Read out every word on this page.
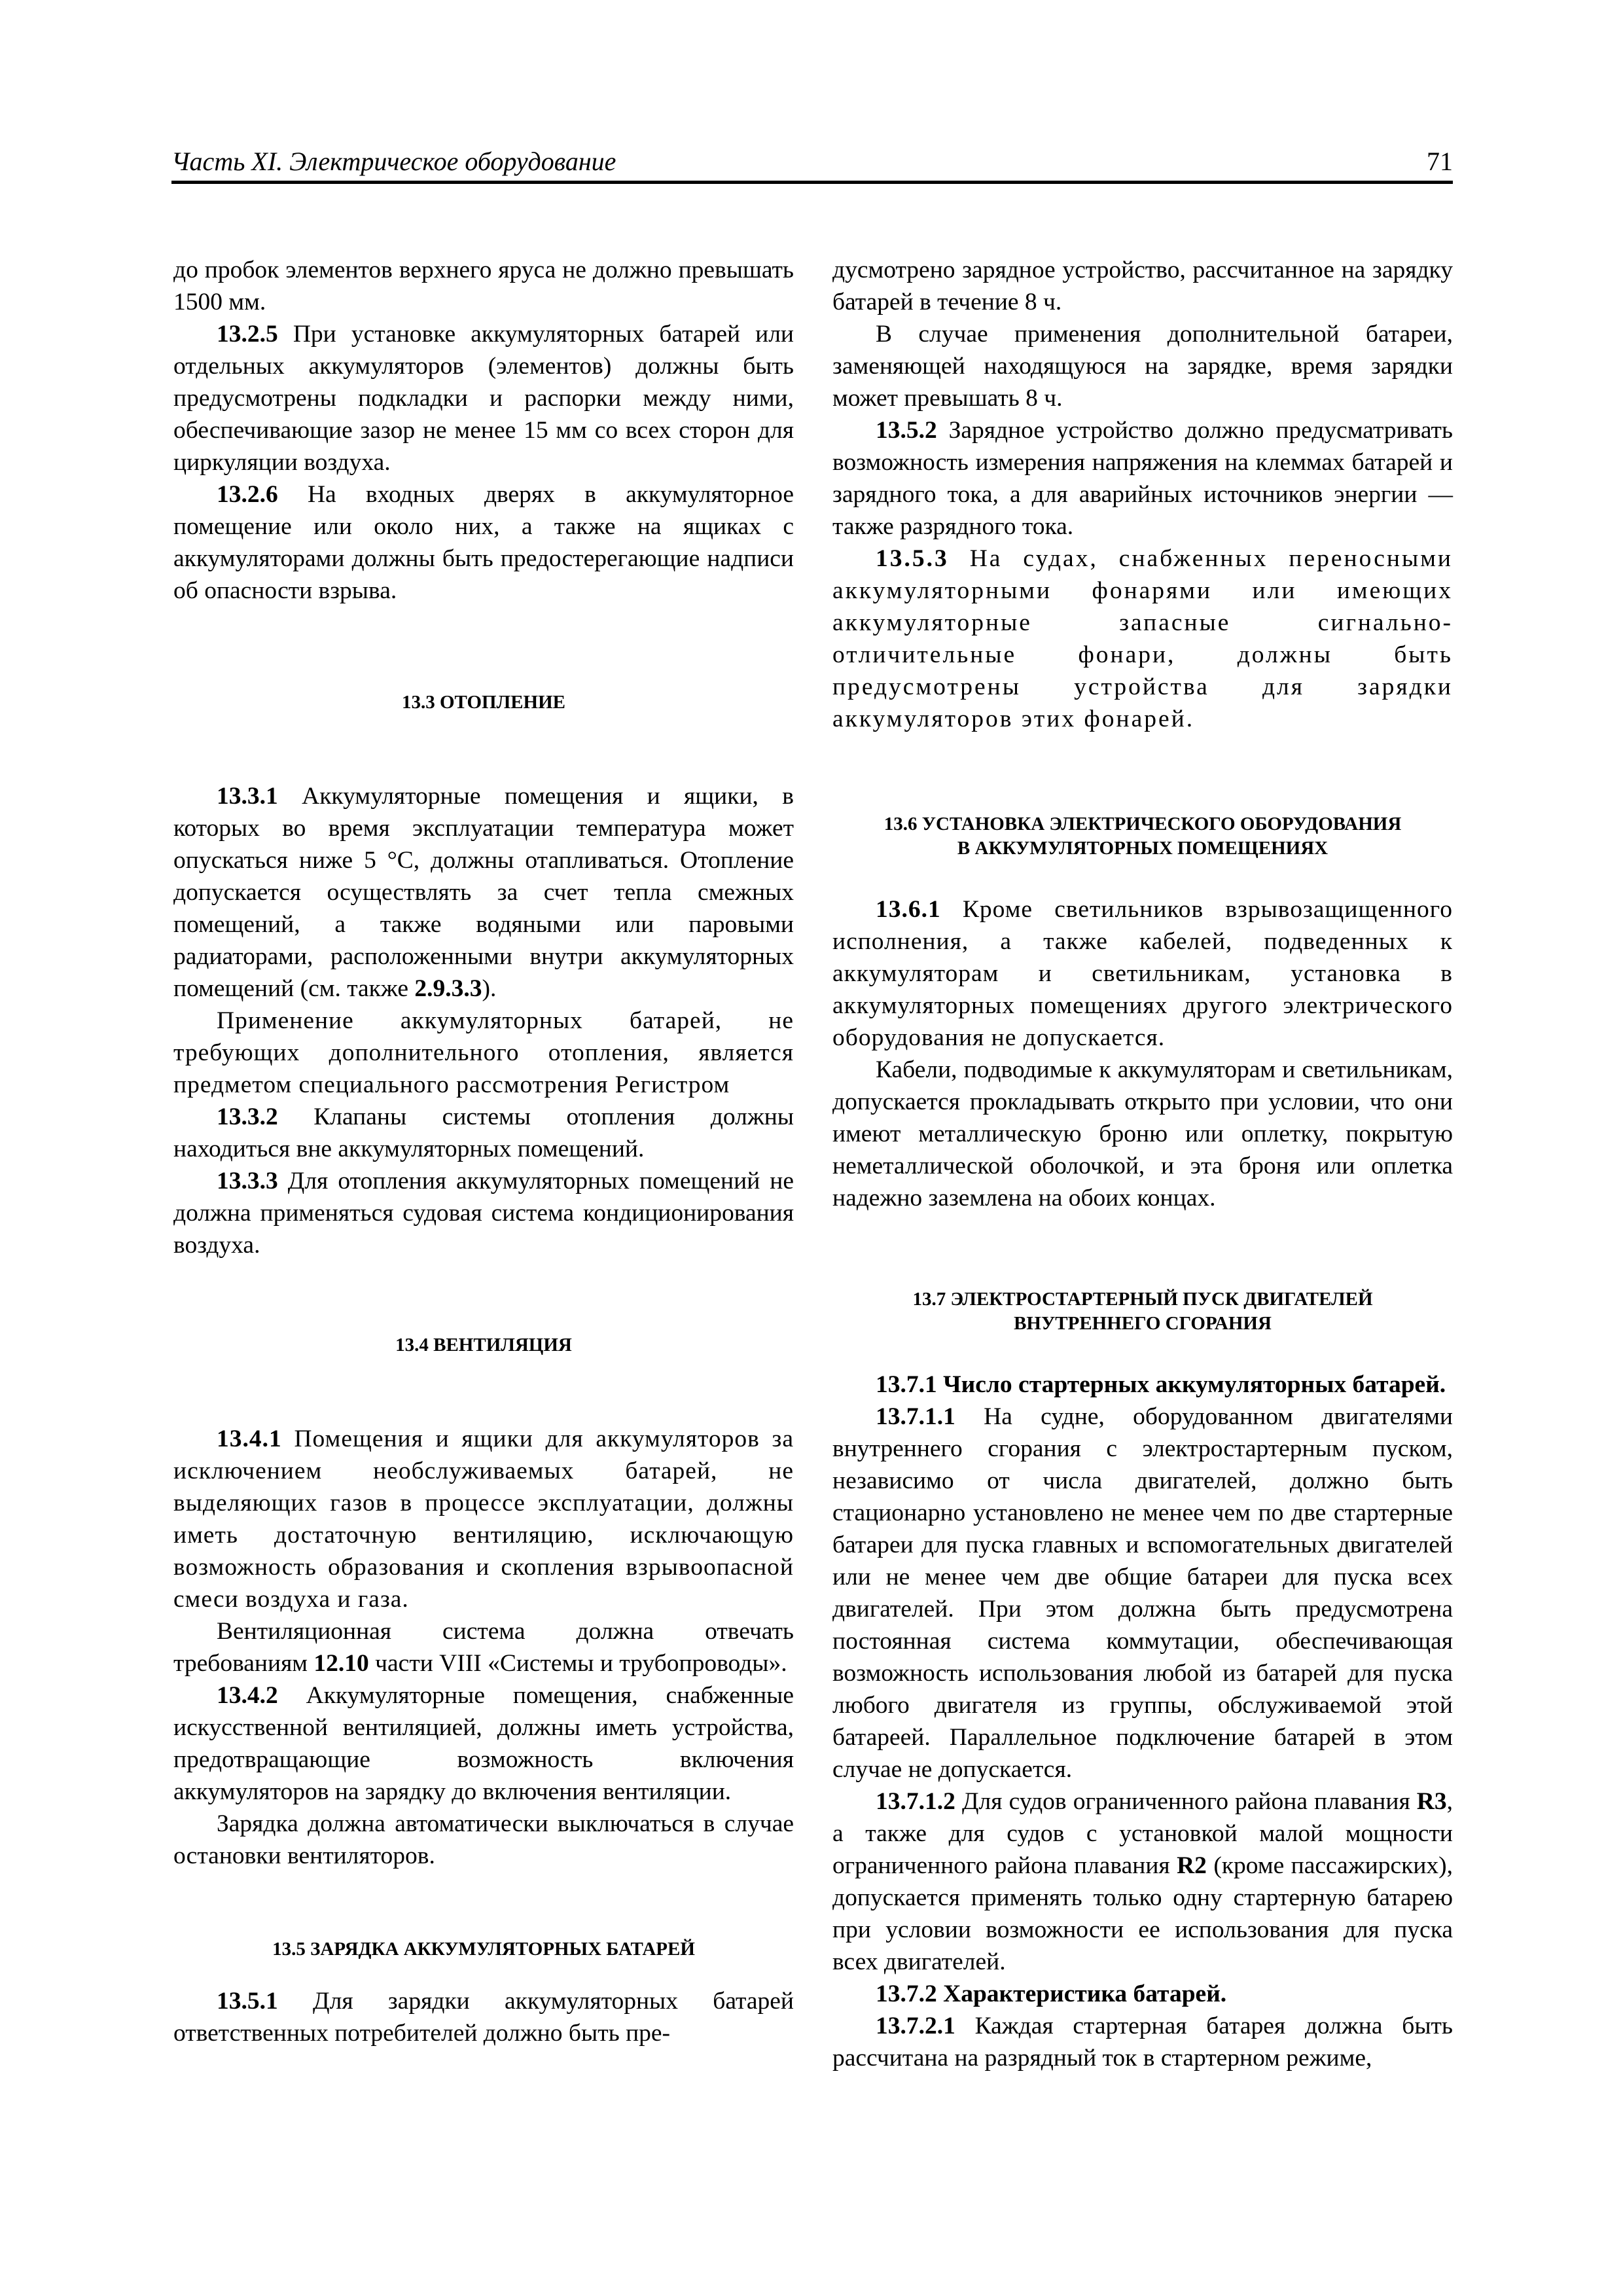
Часть XI. Электрическое оборудование	71

до пробок элементов верхнего яруса не должно превышать 1500 мм.

13.2.5 При установке аккумуляторных батарей или отдельных аккумуляторов (элементов) должны быть предусмотрены подкладки и распорки между ними, обеспечивающие зазор не менее 15 мм со всех сторон для циркуляции воздуха.

13.2.6 На входных дверях в аккумуляторное помещение или около них, а также на ящиках с аккумуляторами должны быть предостерегающие надписи об опасности взрыва.

13.3 ОТОПЛЕНИЕ

13.3.1 Аккумуляторные помещения и ящики, в которых во время эксплуатации температура может опускаться ниже 5 °С, должны отапливаться. Отопление допускается осуществлять за счет тепла смежных помещений, а также водяными или паровыми радиаторами, расположенными внутри аккумуляторных помещений (см. также 2.9.3.3).

Применение аккумуляторных батарей, не требующих дополнительного отопления, является предметом специального рассмотрения Регистром

13.3.2 Клапаны системы отопления должны находиться вне аккумуляторных помещений.

13.3.3 Для отопления аккумуляторных помещений не должна применяться судовая система кондиционирования воздуха.

13.4 ВЕНТИЛЯЦИЯ

13.4.1 Помещения и ящики для аккумуляторов за исключением необслуживаемых батарей, не выделяющих газов в процессе эксплуатации, должны иметь достаточную вентиляцию, исключающую возможность образования и скопления взрывоопасной смеси воздуха и газа.

Вентиляционная система должна отвечать требованиям 12.10 части VIII «Системы и трубопроводы».

13.4.2 Аккумуляторные помещения, снабженные искусственной вентиляцией, должны иметь устройства, предотвращающие возможность включения аккумуляторов на зарядку до включения вентиляции.

Зарядка должна автоматически выключаться в случае остановки вентиляторов.

13.5 ЗАРЯДКА АККУМУЛЯТОРНЫХ БАТАРЕЙ

13.5.1 Для зарядки аккумуляторных батарей ответственных потребителей должно быть пре-

дусмотрено зарядное устройство, рассчитанное на зарядку батарей в течение 8 ч.

В случае применения дополнительной батареи, заменяющей находящуюся на зарядке, время зарядки может превышать 8 ч.

13.5.2 Зарядное устройство должно предусматривать возможность измерения напряжения на клеммах батарей и зарядного тока, а для аварийных источников энергии — также разрядного тока.

13.5.3 На судах, снабженных переносными аккумуляторными фонарями или имеющих аккумуляторные запасные сигнально-отличительные фонари, должны быть предусмотрены устройства для зарядки аккумуляторов этих фонарей.

13.6 УСТАНОВКА ЭЛЕКТРИЧЕСКОГО ОБОРУДОВАНИЯ
В АККУМУЛЯТОРНЫХ ПОМЕЩЕНИЯХ

13.6.1 Кроме светильников взрывозащищенного исполнения, а также кабелей, подведенных к аккумуляторам и светильникам, установка в аккумуляторных помещениях другого электрического оборудования не допускается.

Кабели, подводимые к аккумуляторам и светильникам, допускается прокладывать открыто при условии, что они имеют металлическую броню или оплетку, покрытую неметаллической оболочкой, и эта броня или оплетка надежно заземлена на обоих концах.

13.7 ЭЛЕКТРОСТАРТЕРНЫЙ ПУСК ДВИГАТЕЛЕЙ
ВНУТРЕННЕГО СГОРАНИЯ

13.7.1 Число стартерных аккумуляторных батарей.

13.7.1.1 На судне, оборудованном двигателями внутреннего сгорания с электростартерным пуском, независимо от числа двигателей, должно быть стационарно установлено не менее чем по две стартерные батареи для пуска главных и вспомогательных двигателей или не менее чем две общие батареи для пуска всех двигателей. При этом должна быть предусмотрена постоянная система коммутации, обеспечивающая возможность использования любой из батарей для пуска любого двигателя из группы, обслуживаемой этой батареей. Параллельное подключение батарей в этом случае не допускается.

13.7.1.2 Для судов ограниченного района плавания R3, а также для судов с установкой малой мощности ограниченного района плавания R2 (кроме пассажирских), допускается применять только одну стартерную батарею при условии возможности ее использования для пуска всех двигателей.

13.7.2 Характеристика батарей.

13.7.2.1 Каждая стартерная батарея должна быть рассчитана на разрядный ток в стартерном режиме,
